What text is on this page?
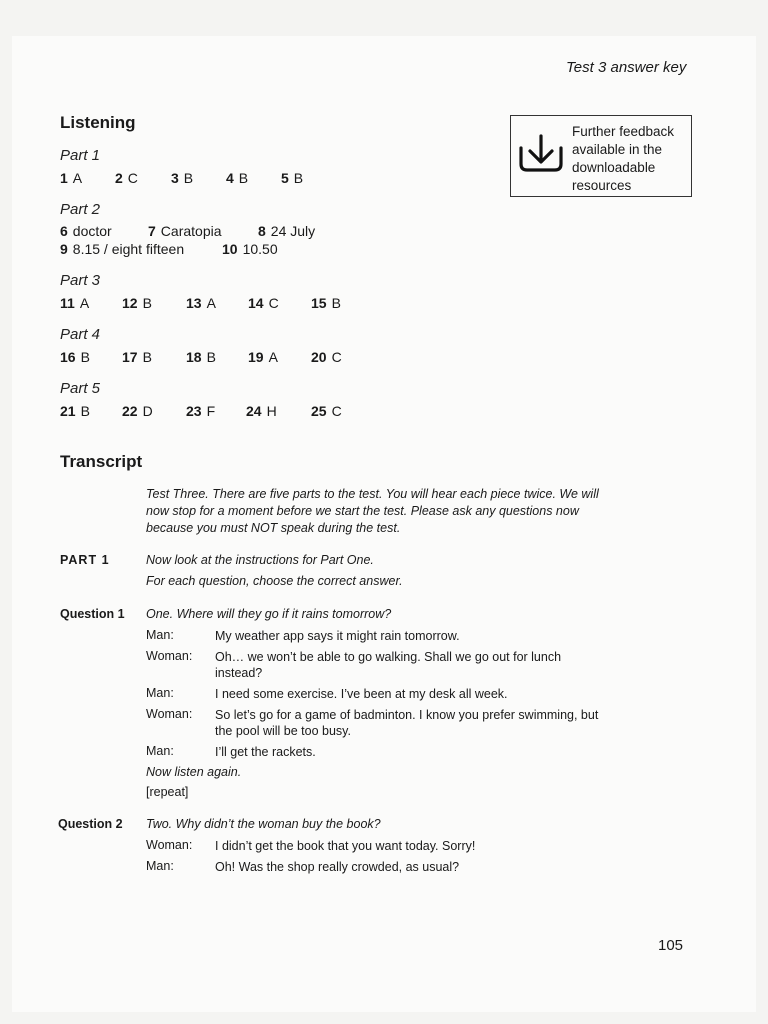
Test 3 answer key
Listening
Part 1
1 A 2 C 3 B 4 B 5 B
Part 2
6 doctor	7 Caratopia	8 24 July
9 8.15 / eight fifteen	10 10.50
Part 3
11 A 12 B 13 A 14 C 15 B
Part 4
16 B 17 B 18 B 19 A 20 C
Part 5
21 B 22 D 23 F 24 H 25 C
Further feedback
available in the
downloadable
resources
Transcript
Test Three. There are five parts to the test. You will hear each piece twice. We will now stop for a moment before we start the test. Please ask any questions now because you must NOT speak during the test.
PART 1	Now look at the instructions for Part One.
For each question, choose the correct answer.
Question 1 One. Where will they go if it rains tomorrow?
Man:	My weather app says it might rain tomorrow.
Woman: Oh… we won’t be able to go walking. Shall we go out for lunch instead?
Man:	I need some exercise. I’ve been at my desk all week.
Woman: So let’s go for a game of badminton. I know you prefer swimming, but the pool will be too busy.
Man:	I’ll get the rackets.
Now listen again.
[repeat]
Question 2 Two. Why didn’t the woman buy the book?
Woman: I didn’t get the book that you want today. Sorry!
Man:	Oh! Was the shop really crowded, as usual?
105
